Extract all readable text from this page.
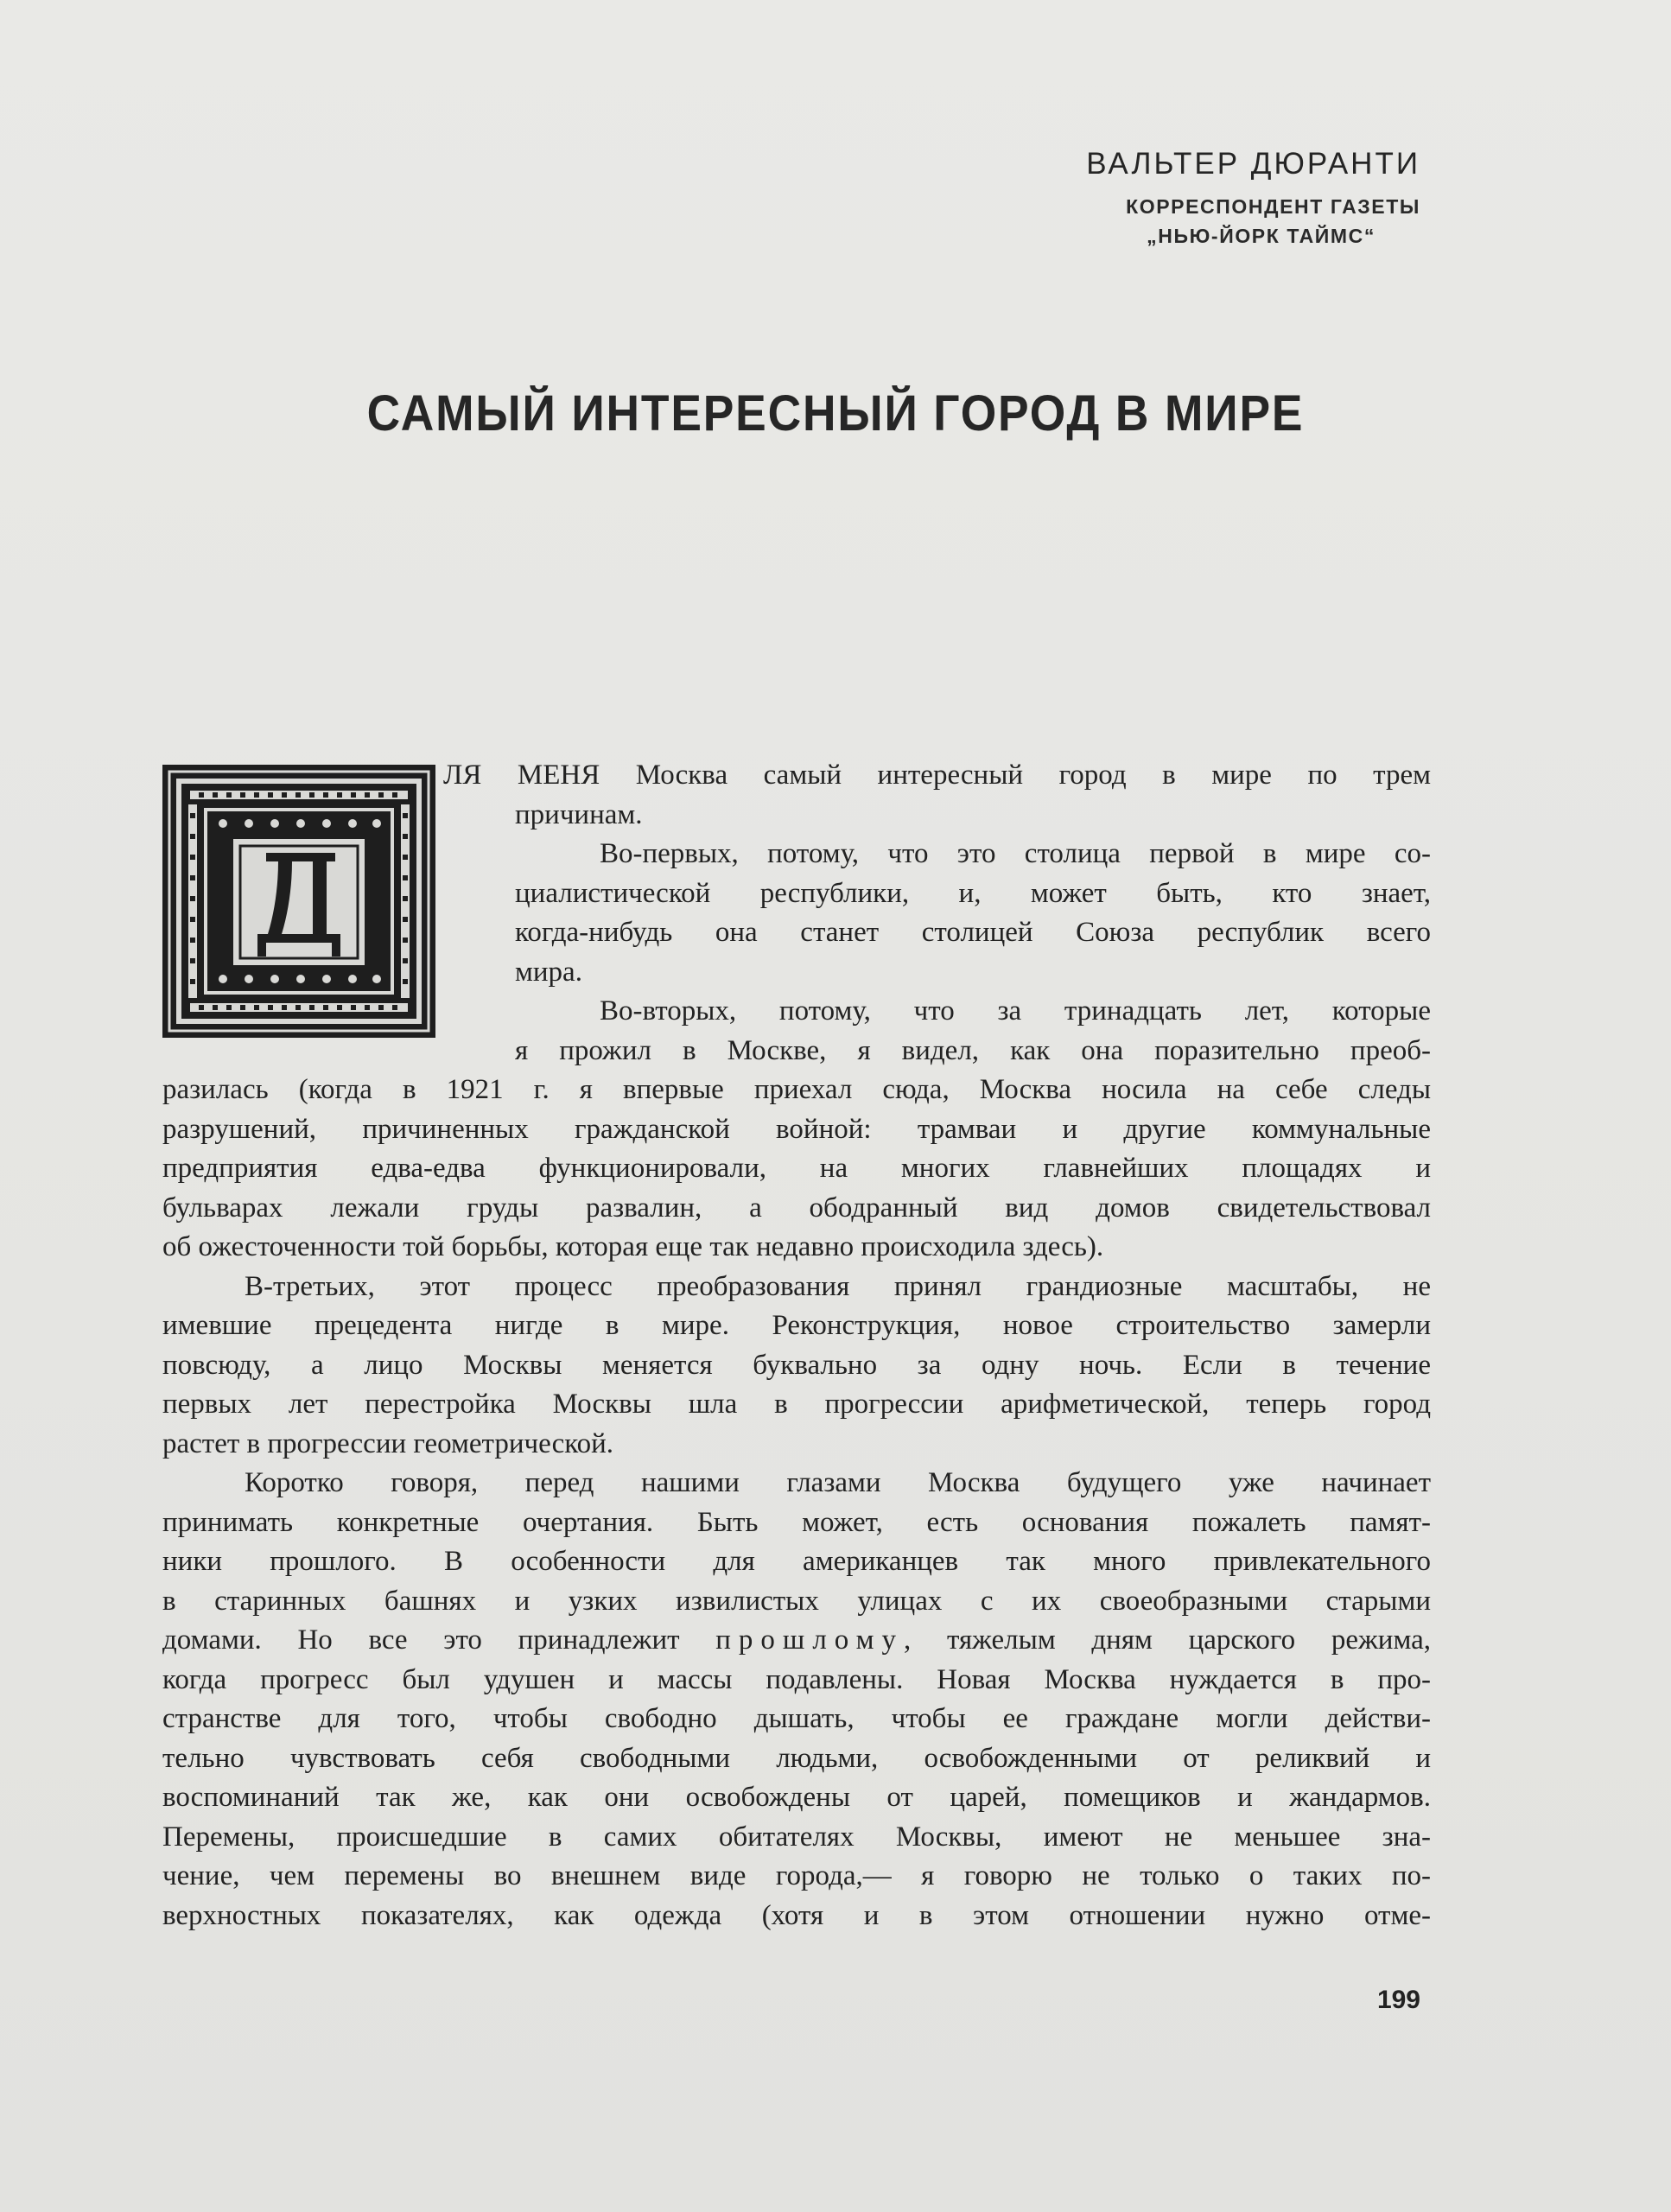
ВАЛЬТЕР ДЮРАНТИ
КОРРЕСПОНДЕНТ ГАЗЕТЫ
„НЬЮ-ЙОРК ТАЙМС“
САМЫЙ ИНТЕРЕСНЫЙ ГОРОД В МИРЕ
ЛЯ МЕНЯ Москва самый интересный город в мире по трем
причинам.
Во-первых, потому, что это столица первой в мире со-
циалистической республики, и, может быть, кто знает,
когда-нибудь она станет столицей Союза республик всего
мира.
Во-вторых, потому, что за тринадцать лет, которые
я прожил в Москве, я видел, как она поразительно преоб-
разилась (когда в 1921 г. я впервые приехал сюда, Москва носила на себе следы
разрушений, причиненных гражданской войной: трамваи и другие коммунальные
предприятия едва-едва функционировали, на многих главнейших площадях и
бульварах лежали груды развалин, а ободранный вид домов свидетельствовал
об ожесточенности той борьбы, которая еще так недавно происходила здесь).
В-третьих, этот процесс преобразования принял грандиозные масштабы, не
имевшие прецедента нигде в мире. Реконструкция, новое строительство замерли
повсюду, а лицо Москвы меняется буквально за одну ночь. Если в течение
первых лет перестройка Москвы шла в прогрессии арифметической, теперь город
растет в прогрессии геометрической.
Коротко говоря, перед нашими глазами Москва будущего уже начинает
принимать конкретные очертания. Быть может, есть основания пожалеть памят-
ники прошлого. В особенности для американцев так много привлекательного
в старинных башнях и узких извилистых улицах с их своеобразными старыми
домами. Но все это принадлежит прошлому, тяжелым дням царского режима,
когда прогресс был удушен и массы подавлены. Новая Москва нуждается в про-
странстве для того, чтобы свободно дышать, чтобы ее граждане могли действи-
тельно чувствовать себя свободными людьми, освобожденными от реликвий и
воспоминаний так же, как они освобождены от царей, помещиков и жандармов.
Перемены, происшедшие в самих обитателях Москвы, имеют не меньшее зна-
чение, чем перемены во внешнем виде города,— я говорю не только о таких по-
верхностных показателях, как одежда (хотя и в этом отношении нужно отме-
199
